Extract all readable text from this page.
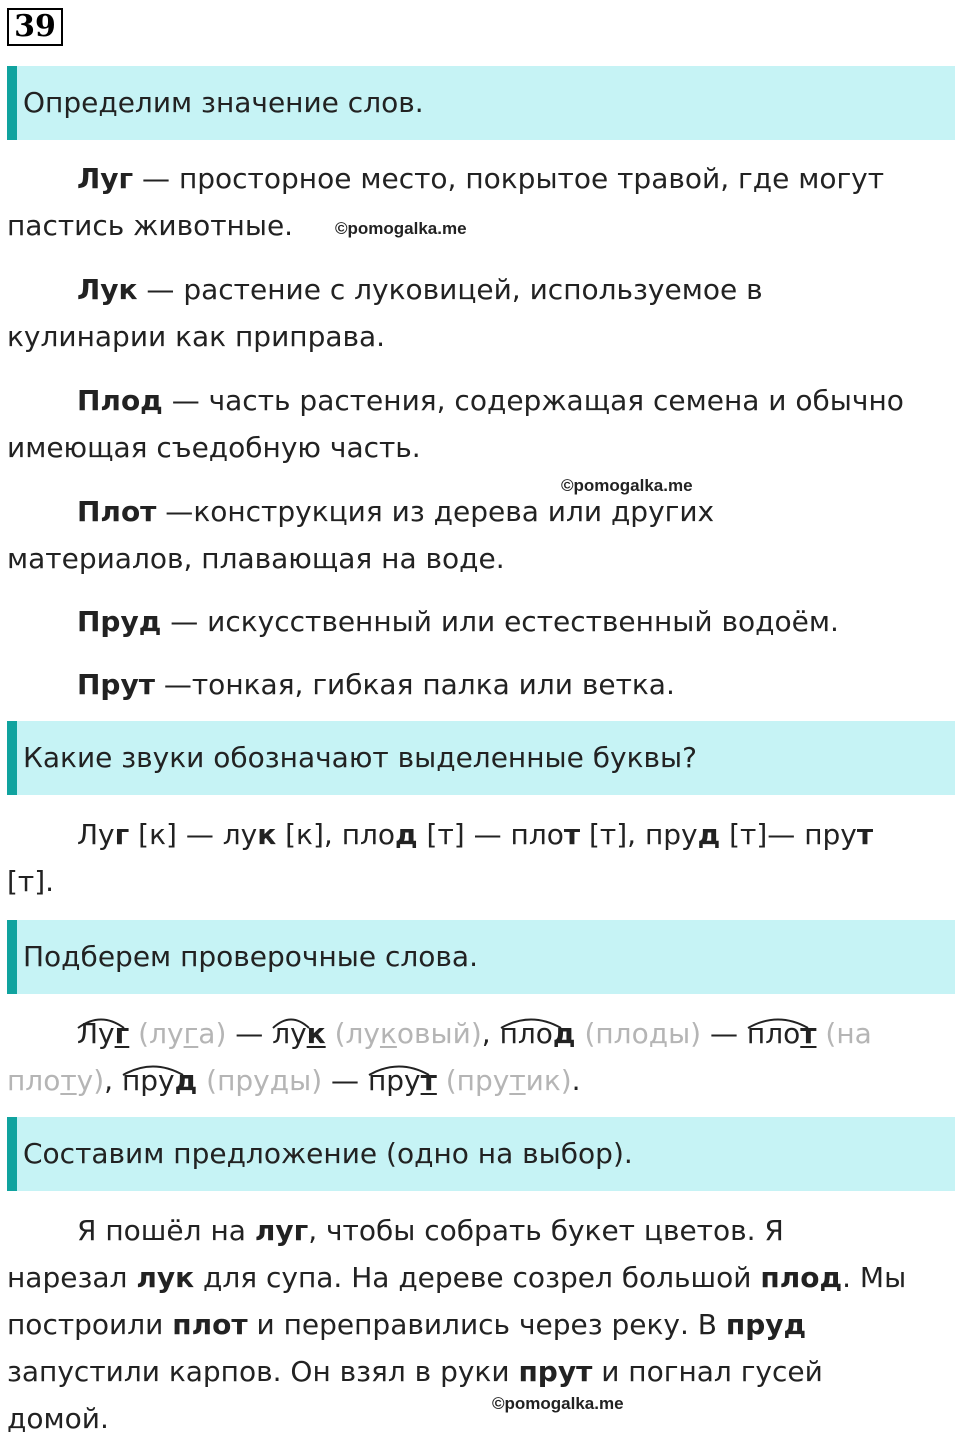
39
Определим значение слов.

Луг — просторное место, покрытое травой, где могут пастись животные.	©pomogalka.me

Лук — растение с луковицей, используемое в кулинарии как приправа.

Плод — часть растения, содержащая семена и обычно имеющая съедобную часть.

©pomogalka.me

Плот —конструкция из дерева или других материалов, плавающая на воде.

Пруд — искусственный или естественный водоём.

Прут —тонкая, гибкая палка или ветка.

Какие звуки обозначают выделенные буквы?

Луг [к] — лук [к], плод [т] — плот [т], пруд [т]— прут [т].

Подберем проверочные слова.

Луг (луга) —
лук (луковый),
плод (плоды) —
плот (на

плоту),
пруд (пруды) —
прут (прутик).

Составим предложение (одно на выбор).

Я пошёл на луг, чтобы собрать букет цветов. Я нарезал лук для супа. На дереве созрел большой плод. Мы построили плот и переправились через реку. В пруд запустили карпов. Он взял в руки прут и погнал гусей домой.	©pomogalka.me
